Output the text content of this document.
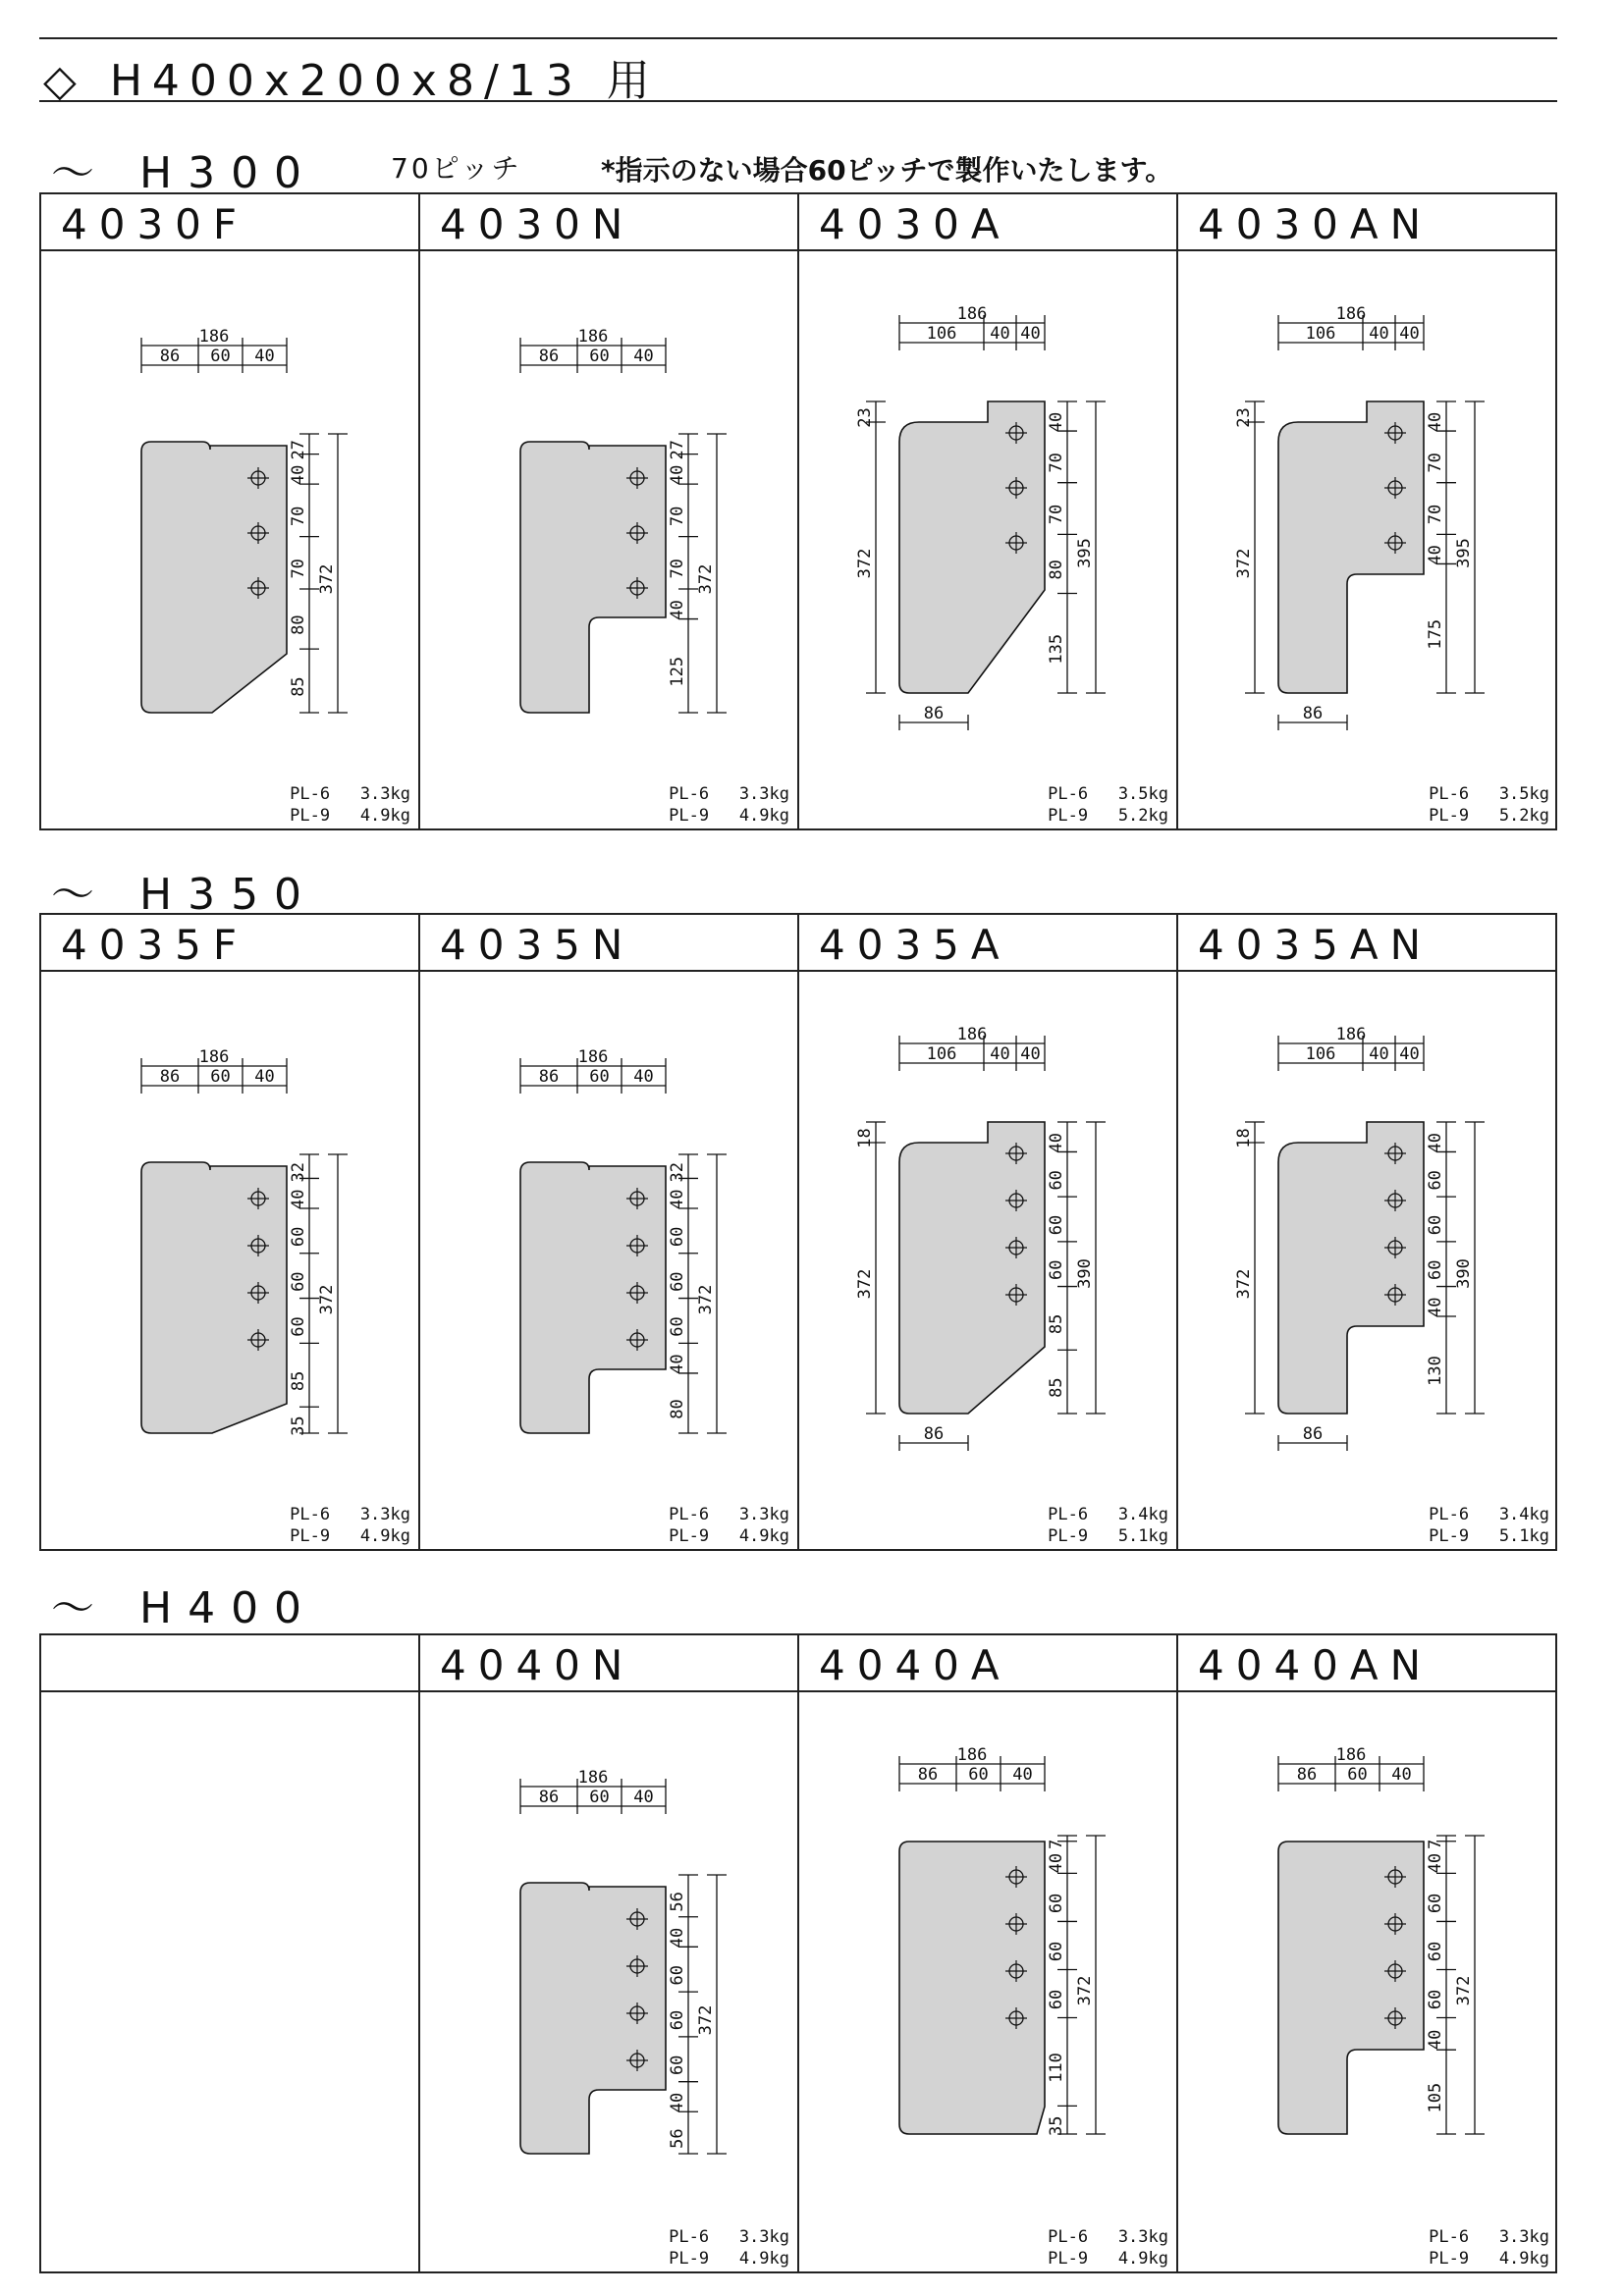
◇ H400x200x8/13 用
～ H300	70ピッチ	*指示のない場合60ピッチで製作いたします。
4030F
186
86 60 40
27
40
70
70
80
85
372
PL-6   3.3kg
PL-9   4.9kg
4030N
186
86 60 40
27
40
70
70
40
125
372
PL-6   3.3kg
PL-9   4.9kg
4030A
186
106 40 40
40
70
70
80
135
395
23
372
86
PL-6   3.5kg
PL-9   5.2kg
4030AN
186
106 40 40
40
70
70
40
175
395
23
372
86
PL-6   3.5kg
PL-9   5.2kg
～ H350
4035F
186
86 60 40
32
40
60
60
60
85
35
372
PL-6   3.3kg
PL-9   4.9kg
4035N
186
86 60 40
32
40
60
60
60
40
80
372
PL-6   3.3kg
PL-9   4.9kg
4035A
186
106 40 40
40
60
60
60
85
85
390
18
372
86
PL-6   3.4kg
PL-9   5.1kg
4035AN
186
106 40 40
40
60
60
60
40
130
390
18
372
86
PL-6   3.4kg
PL-9   5.1kg
～ H400
4040N
186
86 60 40
56
40
60
60
60
40
56
372
PL-6   3.3kg
PL-9   4.9kg
4040A
186
86 60 40
7
40
60
60
60
110
35
372
PL-6   3.3kg
PL-9   4.9kg
4040AN
186
86 60 40
7
40
60
60
60
40
105
372
PL-6   3.3kg
PL-9   4.9kg
